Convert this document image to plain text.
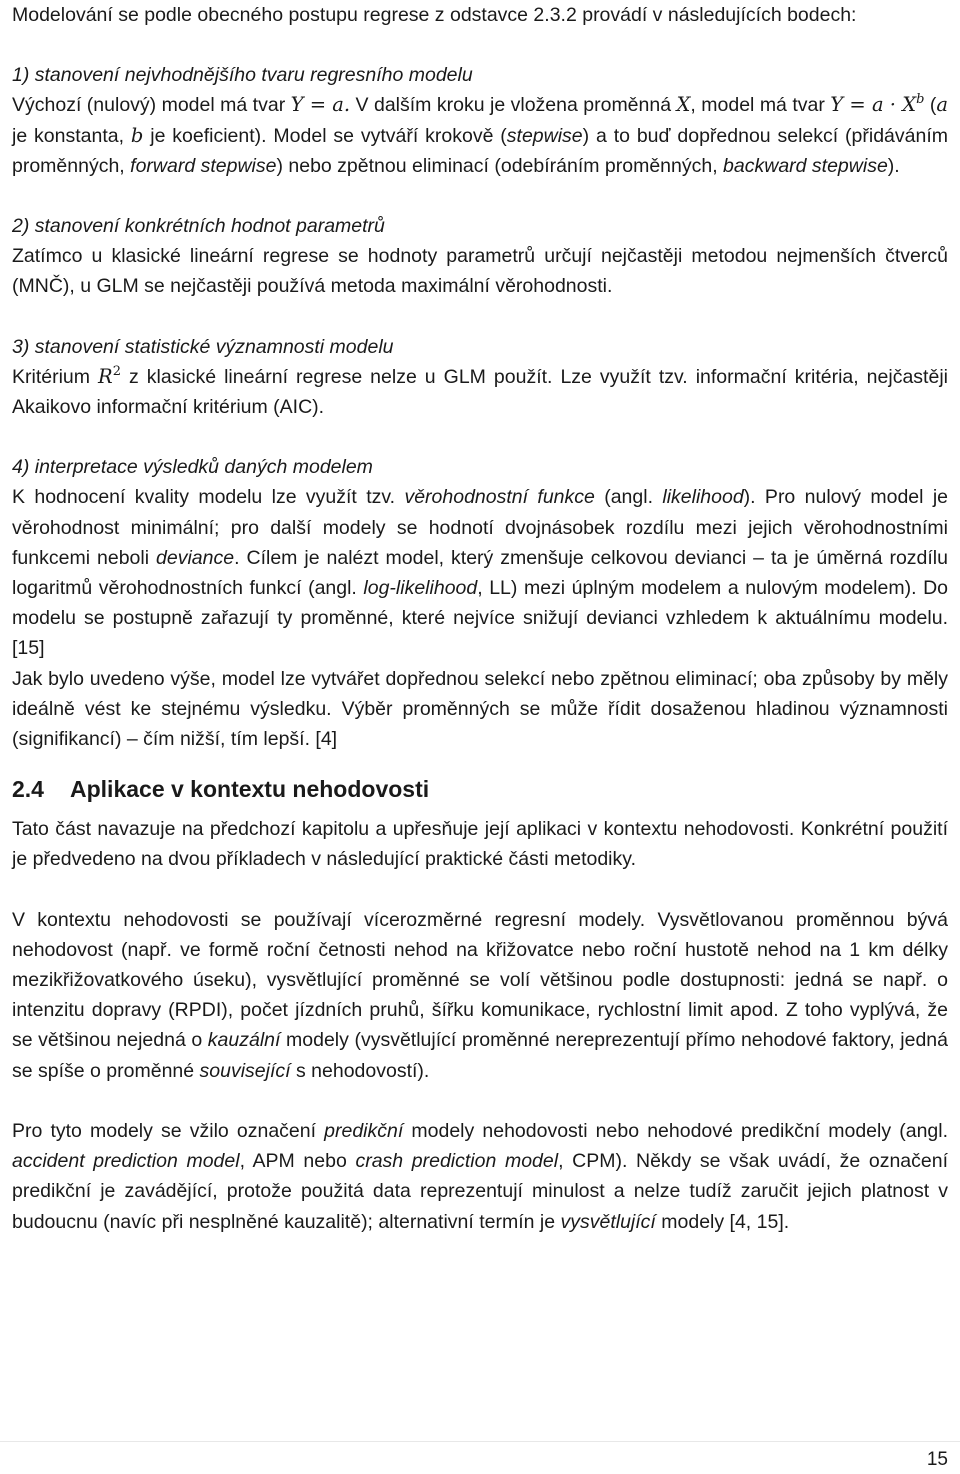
Modelování se podle obecného postupu regrese z odstavce 2.3.2 provádí v následujících bodech:

1) stanovení nejvhodnějšího tvaru regresního modelu

Výchozí (nulový) model má tvar Y = a. V dalším kroku je vložena proměnná X, model má tvar $Y = a \cdot X^b$ (a je konstanta, b je koeficient). Model se vytváří krokově (stepwise) a to buď dopřednou selekcí (přidáváním proměnných, forward stepwise) nebo zpětnou eliminací (odebíráním proměnných, backward stepwise).

2) stanovení konkrétních hodnot parametrů

Zatímco u klasické lineární regrese se hodnoty parametrů určují nejčastěji metodou nejmenších čtverců (MNČ), u GLM se nejčastěji používá metoda maximální věrohodnosti.

3) stanovení statistické významnosti modelu

Kritérium $R^2$ z klasické lineární regrese nelze u GLM použít. Lze využít tzv. informační kritéria, nejčastěji Akaikovo informační kritérium (AIC).

4) interpretace výsledků daných modelem

K hodnocení kvality modelu lze využít tzv. věrohodnostní funkce (angl. likelihood). Pro nulový model je věrohodnost minimální; pro další modely se hodnotí dvojnásobek rozdílu mezi jejich věrohodnostními funkcemi neboli deviance. Cílem je nalézt model, který zmenšuje celkovou devianci – ta je úměrná rozdílu logaritmů věrohodnostních funkcí (angl. log-likelihood, LL) mezi úplným modelem a nulovým modelem). Do modelu se postupně zařazují ty proměnné, které nejvíce snižují devianci vzhledem k aktuálnímu modelu. [15]

Jak bylo uvedeno výše, model lze vytvářet dopřednou selekcí nebo zpětnou eliminací; oba způsoby by měly ideálně vést ke stejnému výsledku. Výběr proměnných se může řídit dosaženou hladinou významnosti (signifikancí) – čím nižší, tím lepší. [4]

2.4 Aplikace v kontextu nehodovosti

Tato část navazuje na předchozí kapitolu a upřesňuje její aplikaci v kontextu nehodovosti. Konkrétní použití je předvedeno na dvou příkladech v následující praktické části metodiky.

V kontextu nehodovosti se používají vícerozměrné regresní modely. Vysvětlovanou proměnnou bývá nehodovost (např. ve formě roční četnosti nehod na křižovatce nebo roční hustotě nehod na 1 km délky mezikřižovatkového úseku), vysvětlující proměnné se volí většinou podle dostupnosti: jedná se např. o intenzitu dopravy (RPDI), počet jízdních pruhů, šířku komunikace, rychlostní limit apod. Z toho vyplývá, že se většinou nejedná o kauzální modely (vysvětlující proměnné nereprezentují přímo nehodové faktory, jedná se spíše o proměnné související s nehodovostí).

Pro tyto modely se vžilo označení predikční modely nehodovosti nebo nehodové predikční modely (angl. accident prediction model, APM nebo crash prediction model, CPM). Někdy se však uvádí, že označení predikční je zavádějící, protože použitá data reprezentují minulost a nelze tudíž zaručit jejich platnost v budoucnu (navíc při nesplněné kauzalitě); alternativní termín je vysvětlující modely [4, 15].

15
